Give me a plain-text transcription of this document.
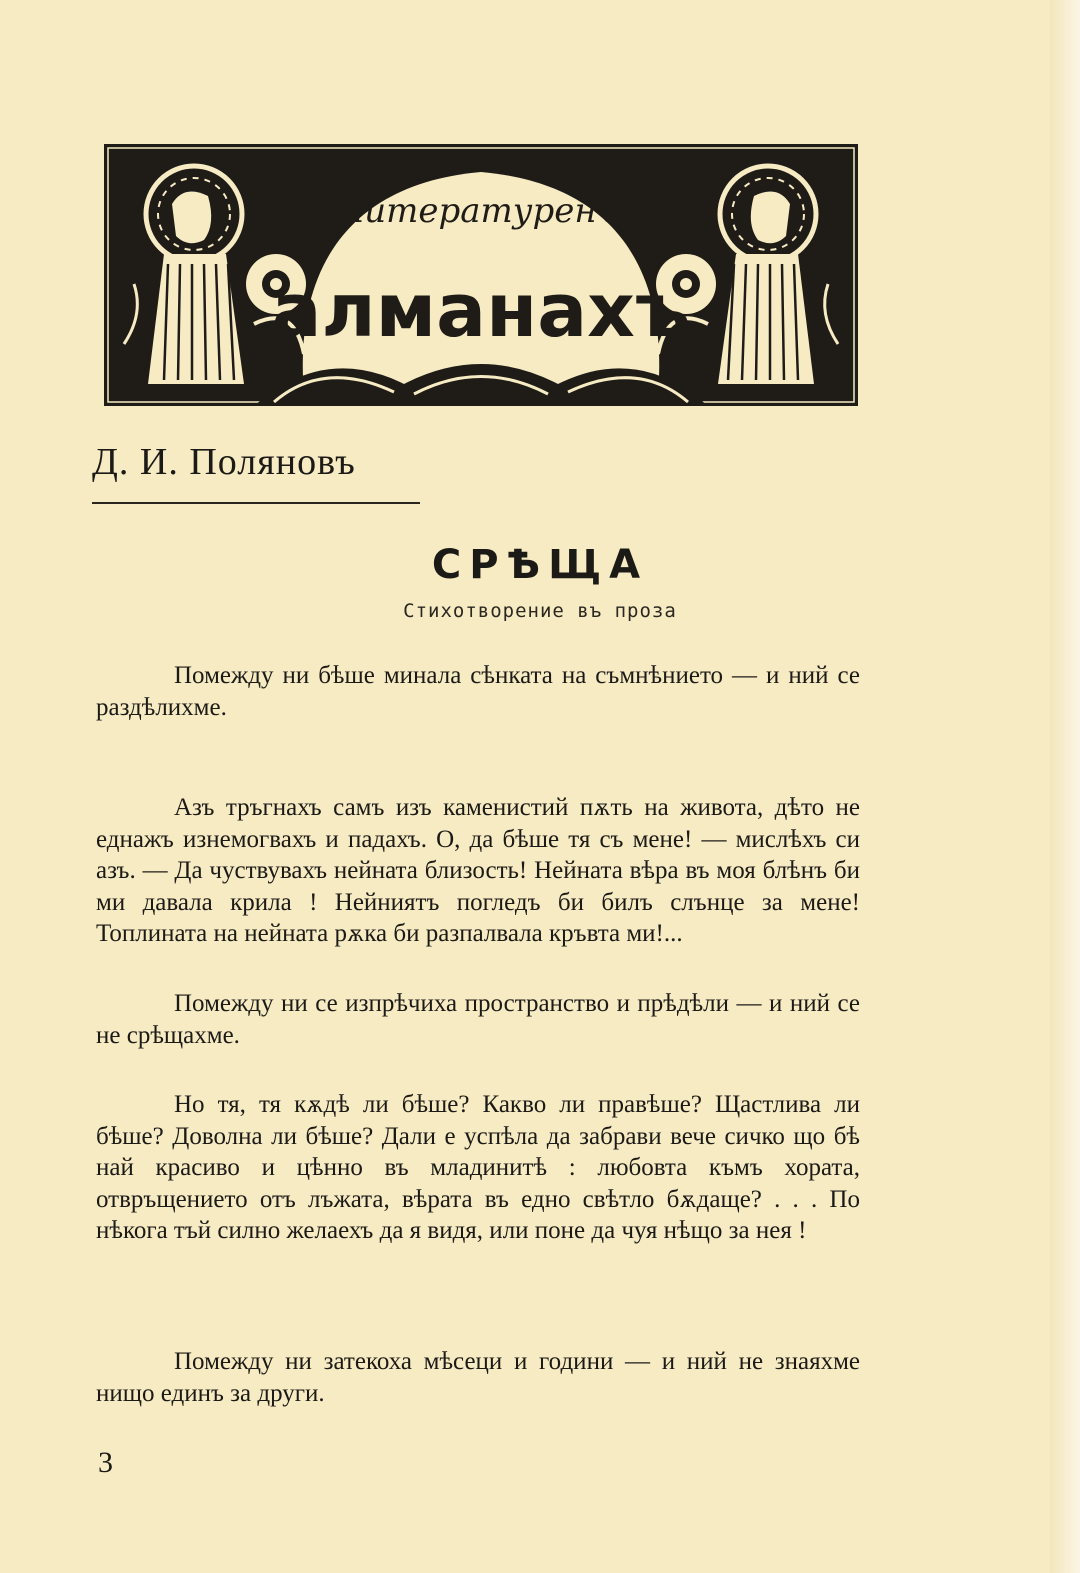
литературенъ
алманахъ
Д. И. Поляновъ
СРѢЩА
Стихотворение въ проза

Помежду ни бѣше минала сѣнката на съмнѣнието — и ний се раздѣлихме.

Азъ тръгнахъ самъ изъ каменистий пѫть на живота, дѣто не еднажъ изнемогвахъ и падахъ. О, да бѣше тя съ мене! — мислѣхъ си азъ. — Да чуствувахъ нейната близость! Нейната вѣра въ моя блѣнъ би ми давала крила ! Нейниятъ погледъ би билъ слънце за мене! Топлината на нейната рѫка би разпалвала кръвта ми!...

Помежду ни се изпрѣчиха пространство и прѣдѣли — и ний се не срѣщахме.

Но тя, тя кѫдѣ ли бѣше? Какво ли правѣше? Щастлива ли бѣше? Доволна ли бѣше? Дали е успѣла да забрави вече сичко що бѣ най красиво и цѣнно въ младинитѣ : любовта къмъ хората, отвръщението отъ лъжата, вѣрата въ едно свѣтло бѫдаще? . . . По нѣкога тъй силно желаехъ да я видя, или поне да чуя нѣщо за нея !

Помежду ни затекоха мѣсеци и години — и ний не знаяхме нищо единъ за други.

3
